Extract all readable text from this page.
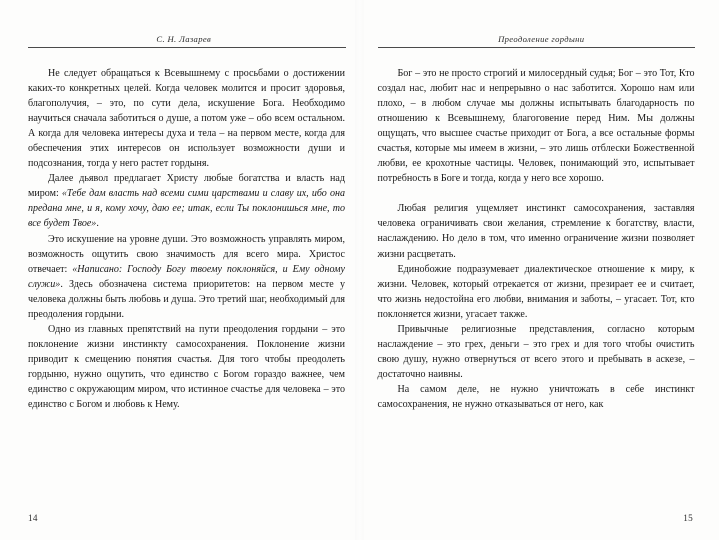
С. Н. Лазарев

Не следует обращаться к Всевышнему с просьбами о достижении каких-то конкретных целей. Когда человек молится и просит здоровья, благополучия, – это, по сути дела, искушение Бога. Необходимо научиться сначала заботиться о душе, а потом уже – обо всем остальном. А когда для человека интересы духа и тела – на первом месте, когда для обеспечения этих интересов он использует возможности души и подсознания, тогда у него растет гордыня.

Далее дьявол предлагает Христу любые богатства и власть над миром: «Тебе дам власть над всеми сими царствами и славу их, ибо она предана мне, и я, кому хочу, даю ее; итак, если Ты поклонишься мне, то все будет Твое».

Это искушение на уровне души. Это возможность управлять миром, возможность ощутить свою значимость для всего мира. Христос отвечает: «Написано: Господу Богу твоему поклоняйся, и Ему одному служи». Здесь обозначена система приоритетов: на первом месте у человека должны быть любовь и душа. Это третий шаг, необходимый для преодоления гордыни.

Одно из главных препятствий на пути преодоления гордыни – это поклонение жизни инстинкту самосохранения. Поклонение жизни приводит к смещению понятия счастья. Для того чтобы преодолеть гордыню, нужно ощутить, что единство с Богом гораздо важнее, чем единство с окружающим миром, что истинное счастье для человека – это единство с Богом и любовь к Нему.

14
Преодоление гордыни

Бог – это не просто строгий и милосердный судья; Бог – это Тот, Кто создал нас, любит нас и непрерывно о нас заботится. Хорошо нам или плохо, – в любом случае мы должны испытывать благодарность по отношению к Всевышнему, благоговение перед Ним. Мы должны ощущать, что высшее счастье приходит от Бога, а все остальные формы счастья, которые мы имеем в жизни, – это лишь отблески Божественной любви, ее крохотные частицы. Человек, понимающий это, испытывает потребность в Боге и тогда, когда у него все хорошо.

Любая религия ущемляет инстинкт самосохранения, заставляя человека ограничивать свои желания, стремление к богатству, власти, наслаждению. Но дело в том, что именно ограничение жизни позволяет жизни расцветать.

Единобожие подразумевает диалектическое отношение к миру, к жизни. Человек, который отрекается от жизни, презирает ее и считает, что жизнь недостойна его любви, внимания и заботы, – угасает. Тот, кто поклоняется жизни, угасает также.

Привычные религиозные представления, согласно которым наслаждение – это грех, деньги – это грех и для того чтобы очистить свою душу, нужно отвернуться от всего этого и пребывать в аскезе, – достаточно наивны.

На самом деле, не нужно уничтожать в себе инстинкт самосохранения, не нужно отказываться от него, как

15
